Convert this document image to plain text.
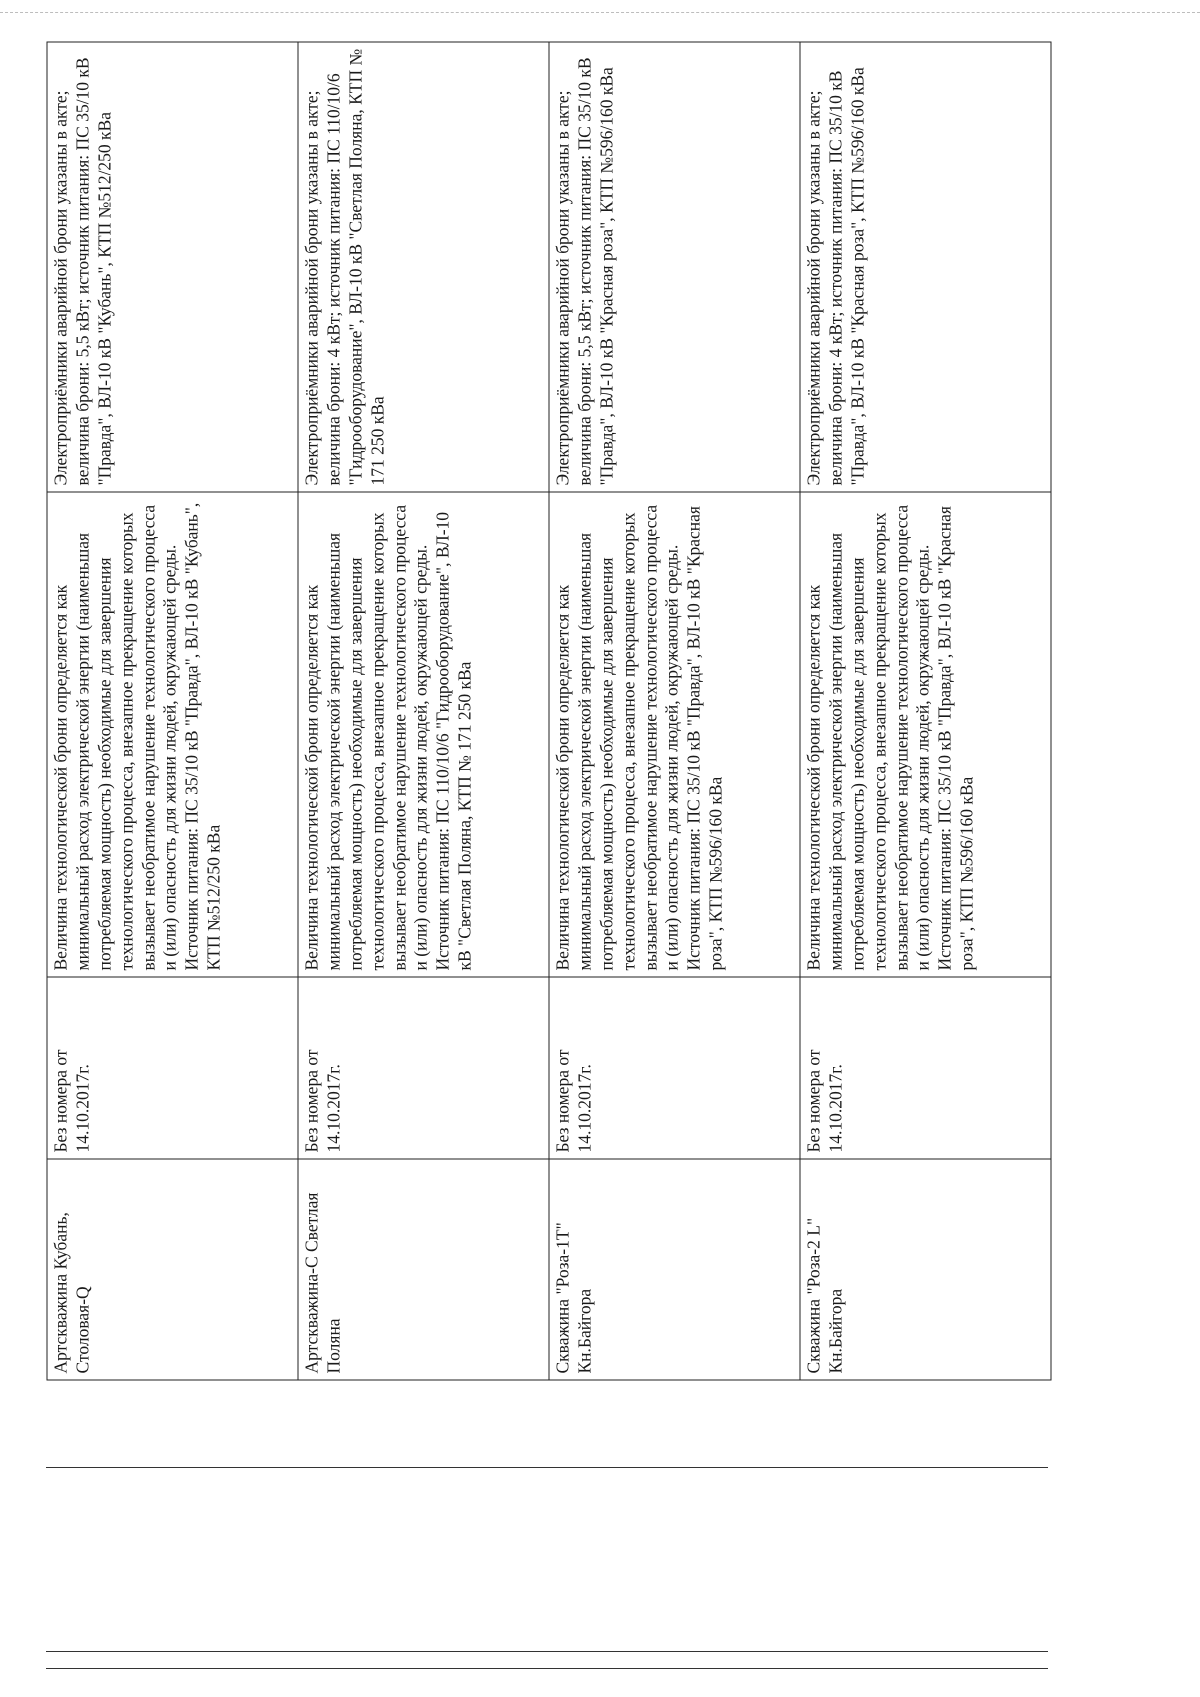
Артскважина Кубань, Столовая-Q	Без номера от 14.10.2017г.	Величина технологической брони определяется как минимальный расход электрической энергии (наименьшая потребляемая мощность) необходимые для завершения технологического процесса, внезапное прекращение которых вызывает необратимое нарушение технологического процесса и (или) опасность для жизни людей, окружающей среды. Источник питания: ПС 35/10 кВ "Правда", ВЛ-10 кВ "Кубань", КТП №512/250 кВа	Электроприёмники аварийной брони указаны в акте; величина брони: 5,5 кВт; источник питания: ПС 35/10 кВ "Правда", ВЛ-10 кВ "Кубань", КТП №512/250 кВа
Артскважина-С Светлая Поляна	Без номера от 14.10.2017г.	Величина технологической брони определяется как минимальный расход электрической энергии (наименьшая потребляемая мощность) необходимые для завершения технологического процесса, внезапное прекращение которых вызывает необратимое нарушение технологического процесса и (или) опасность для жизни людей, окружающей среды. Источник питания: ПС 110/10/6 "Гидрооборудование", ВЛ-10 кВ "Светлая Поляна, КТП № 171 250 кВа	Электроприёмники аварийной брони указаны в акте; величина брони: 4 кВт; источник питания: ПС 110/10/6 "Гидрооборудование", ВЛ-10 кВ "Светлая Поляна, КТП № 171 250 кВа
Скважина "Роза-1Т" Кн.Байгора	Без номера от 14.10.2017г.	Величина технологической брони определяется как минимальный расход электрической энергии (наименьшая потребляемая мощность) необходимые для завершения технологического процесса, внезапное прекращение которых вызывает необратимое нарушение технологического процесса и (или) опасность для жизни людей, окружающей среды. Источник питания: ПС 35/10 кВ "Правда", ВЛ-10 кВ "Красная роза", КТП №596/160 кВа	Электроприёмники аварийной брони указаны в акте; величина брони: 5,5 кВт; источник питания: ПС 35/10 кВ "Правда", ВЛ-10 кВ "Красная роза", КТП №596/160 кВа
Скважина "Роза-2 L" Кн.Байгора	Без номера от 14.10.2017г.	Величина технологической брони определяется как минимальный расход электрической энергии (наименьшая потребляемая мощность) необходимые для завершения технологического процесса, внезапное прекращение которых вызывает необратимое нарушение технологического процесса и (или) опасность для жизни людей, окружающей среды. Источник питания: ПС 35/10 кВ "Правда", ВЛ-10 кВ "Красная роза", КТП №596/160 кВа	Электроприёмники аварийной брони указаны в акте; величина брони: 4 кВт; источник питания: ПС 35/10 кВ "Правда", ВЛ-10 кВ "Красная роза", КТП №596/160 кВа
